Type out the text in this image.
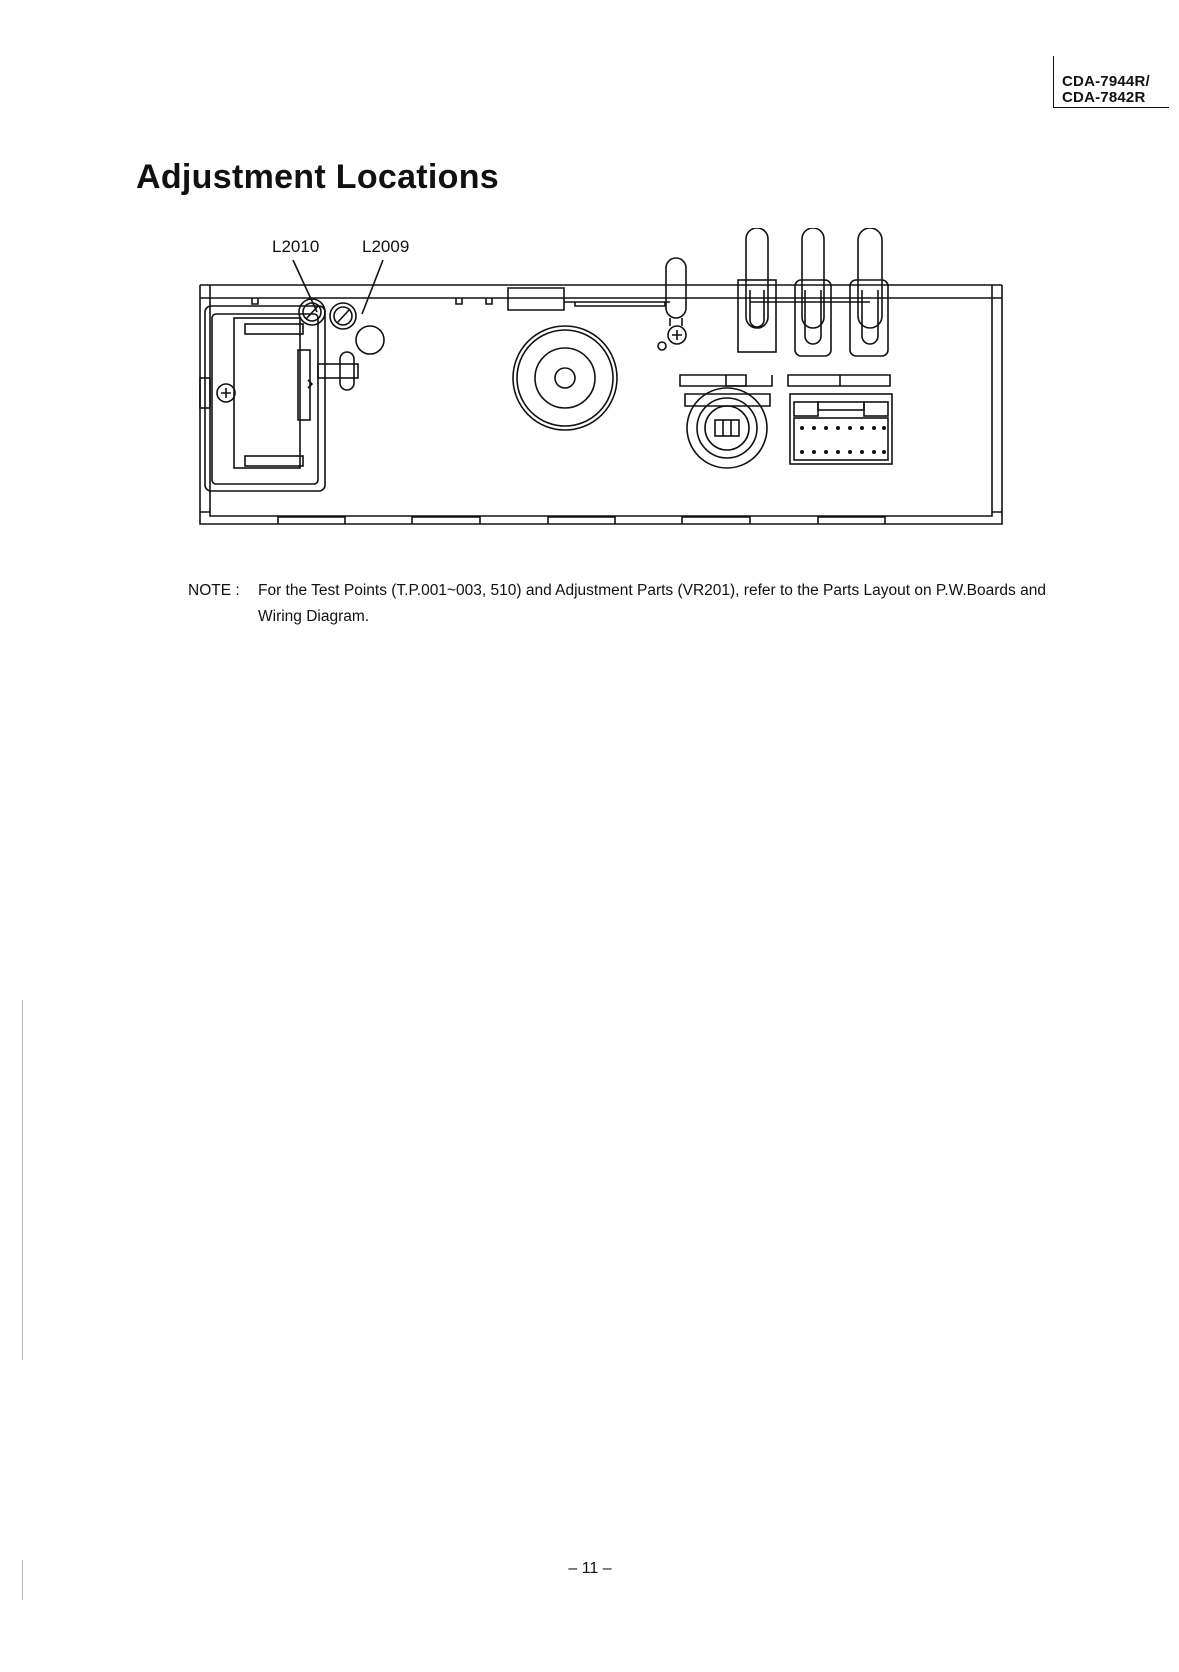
CDA-7944R/
CDA-7842R
Adjustment Locations
L2010	L2009
NOTE : For the Test Points (T.P.001~003, 510) and Adjustment Parts (VR201), refer to the Parts Layout on P.W.Boards and Wiring Diagram.
– 11 –
